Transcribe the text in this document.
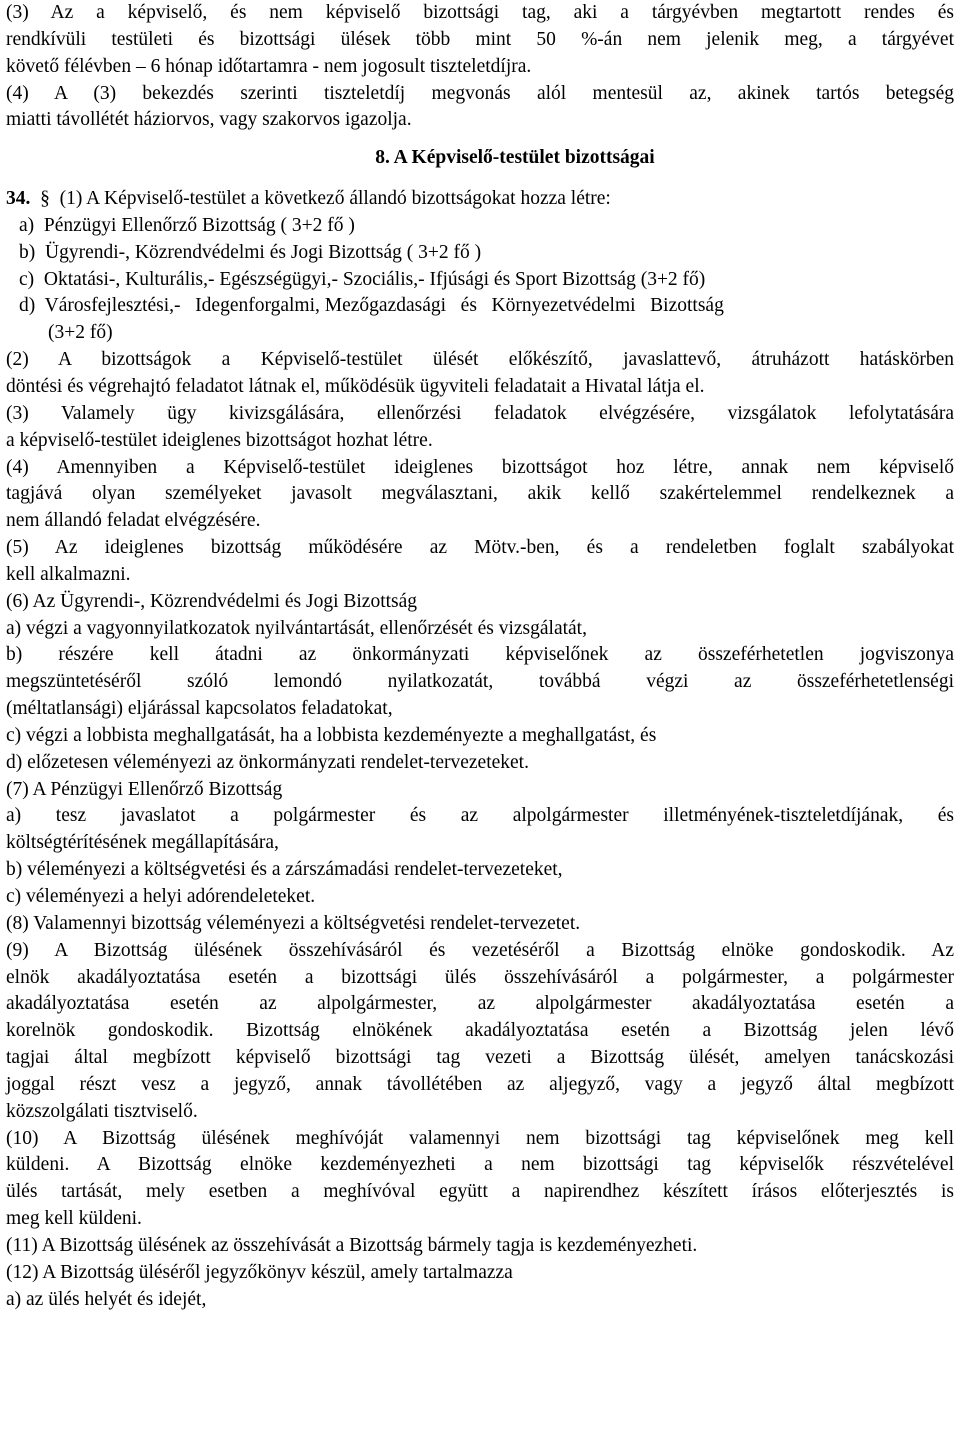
(3) Az a képviselő, és nem képviselő bizottsági tag, aki a tárgyévben megtartott rendes és
rendkívüli testületi és bizottsági ülések több mint 50 %-án nem jelenik meg, a tárgyévet
követő félévben – 6 hónap időtartamra - nem jogosult tiszteletdíjra.
(4) A (3) bekezdés szerinti tiszteletdíj megvonás alól mentesül az, akinek tartós betegség
miatti távollétét háziorvos, vagy szakorvos igazolja.
8. A Képviselő-testület bizottságai
34.  §  (1) A Képviselő-testület a következő állandó bizottságokat hozza létre:
a)  Pénzügyi Ellenőrző Bizottság ( 3+2 fő )
b)  Ügyrendi-, Közrendvédelmi és Jogi Bizottság ( 3+2 fő )
c)  Oktatási-, Kulturális,- Egészségügyi,- Szociális,- Ifjúsági és Sport Bizottság (3+2 fő)
d)  Városfejlesztési,-   Idegenforgalmi, Mezőgazdasági   és   Környezetvédelmi   Bizottság
(3+2 fő)
(2) A bizottságok a Képviselő-testület ülését előkészítő, javaslattevő, átruházott hatáskörben
döntési és végrehajtó feladatot látnak el, működésük ügyviteli feladatait a Hivatal látja el.
(3) Valamely ügy kivizsgálására, ellenőrzési feladatok elvégzésére, vizsgálatok lefolytatására
a képviselő-testület ideiglenes bizottságot hozhat létre.
(4) Amennyiben a Képviselő-testület ideiglenes bizottságot hoz létre, annak nem képviselő
tagjává olyan személyeket javasolt megválasztani, akik kellő szakértelemmel rendelkeznek a
nem állandó feladat elvégzésére.
(5) Az ideiglenes bizottság működésére az Mötv.-ben, és a rendeletben foglalt szabályokat
kell alkalmazni.
(6) Az Ügyrendi-, Közrendvédelmi és Jogi Bizottság
a) végzi a vagyonnyilatkozatok nyilvántartását, ellenőrzését és vizsgálatát,
b) részére kell átadni az önkormányzati képviselőnek az összeférhetetlen jogviszonya
megszüntetéséről szóló lemondó nyilatkozatát, továbbá végzi az összeférhetetlenségi
(méltatlansági) eljárással kapcsolatos feladatokat,
c) végzi a lobbista meghallgatását, ha a lobbista kezdeményezte a meghallgatást, és
d) előzetesen véleményezi az önkormányzati rendelet-tervezeteket.
(7) A Pénzügyi Ellenőrző Bizottság
a) tesz javaslatot a polgármester és az alpolgármester illetményének-tiszteletdíjának, és
költségtérítésének megállapítására,
b) véleményezi a költségvetési és a zárszámadási rendelet-tervezeteket,
c) véleményezi a helyi adórendeleteket.
(8) Valamennyi bizottság véleményezi a költségvetési rendelet-tervezetet.
(9) A Bizottság ülésének összehívásáról és vezetéséről a Bizottság elnöke gondoskodik. Az
elnök akadályoztatása esetén a bizottsági ülés összehívásáról a polgármester, a polgármester
akadályoztatása esetén az alpolgármester, az alpolgármester akadályoztatása esetén a
korelnök gondoskodik. Bizottság elnökének akadályoztatása esetén a Bizottság jelen lévő
tagjai által megbízott képviselő bizottsági tag vezeti a Bizottság ülését, amelyen tanácskozási
joggal részt vesz a jegyző, annak távollétében az aljegyző, vagy a jegyző által megbízott
közszolgálati tisztviselő.
(10) A Bizottság ülésének meghívóját valamennyi nem bizottsági tag képviselőnek meg kell
küldeni. A Bizottság elnöke kezdeményezheti a nem bizottsági tag képviselők részvételével
ülés tartását, mely esetben a meghívóval együtt a napirendhez készített írásos előterjesztés is
meg kell küldeni.
(11) A Bizottság ülésének az összehívását a Bizottság bármely tagja is kezdeményezheti.
(12) A Bizottság üléséről jegyzőkönyv készül, amely tartalmazza
a) az ülés helyét és idejét,
